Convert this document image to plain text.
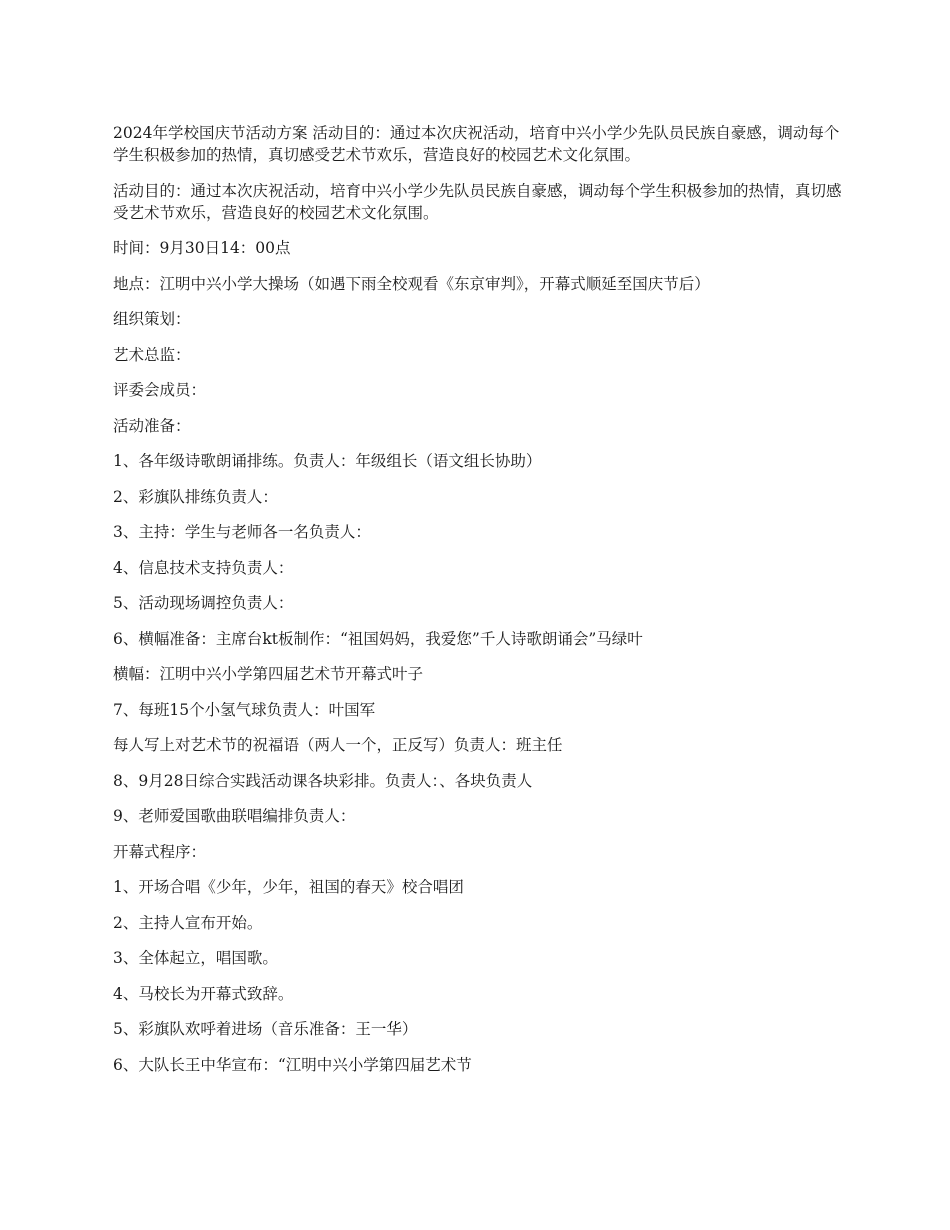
2024年学校国庆节活动方案 活动目的：通过本次庆祝活动，培育中兴小学少先队员民族自豪感，调动每个学生积极参加的热情，真切感受艺术节欢乐，营造良好的校园艺术文化氛围。

活动目的：通过本次庆祝活动，培育中兴小学少先队员民族自豪感，调动每个学生积极参加的热情，真切感受艺术节欢乐，营造良好的校园艺术文化氛围。

时间：9月30日14：00点

地点：江明中兴小学大操场（如遇下雨全校观看《东京审判》，开幕式顺延至国庆节后）

组织策划：

艺术总监：

评委会成员：

活动准备：

1、各年级诗歌朗诵排练。负责人：年级组长（语文组长协助）

2、彩旗队排练负责人：

3、主持：学生与老师各一名负责人：

4、信息技术支持负责人：

5、活动现场调控负责人：

6、横幅准备：主席台kt板制作：“祖国妈妈，我爱您”千人诗歌朗诵会”马绿叶

横幅：江明中兴小学第四届艺术节开幕式叶子

7、每班15个小氢气球负责人：叶国军

每人写上对艺术节的祝福语（两人一个，正反写）负责人：班主任

8、9月28日综合实践活动课各块彩排。负责人：、各块负责人

9、老师爱国歌曲联唱编排负责人：

开幕式程序：

1、开场合唱《少年，少年，祖国的春天》校合唱团

2、主持人宣布开始。

3、全体起立，唱国歌。

4、马校长为开幕式致辞。

5、彩旗队欢呼着进场（音乐准备：王一华）

6、大队长王中华宣布：“江明中兴小学第四届艺术节
